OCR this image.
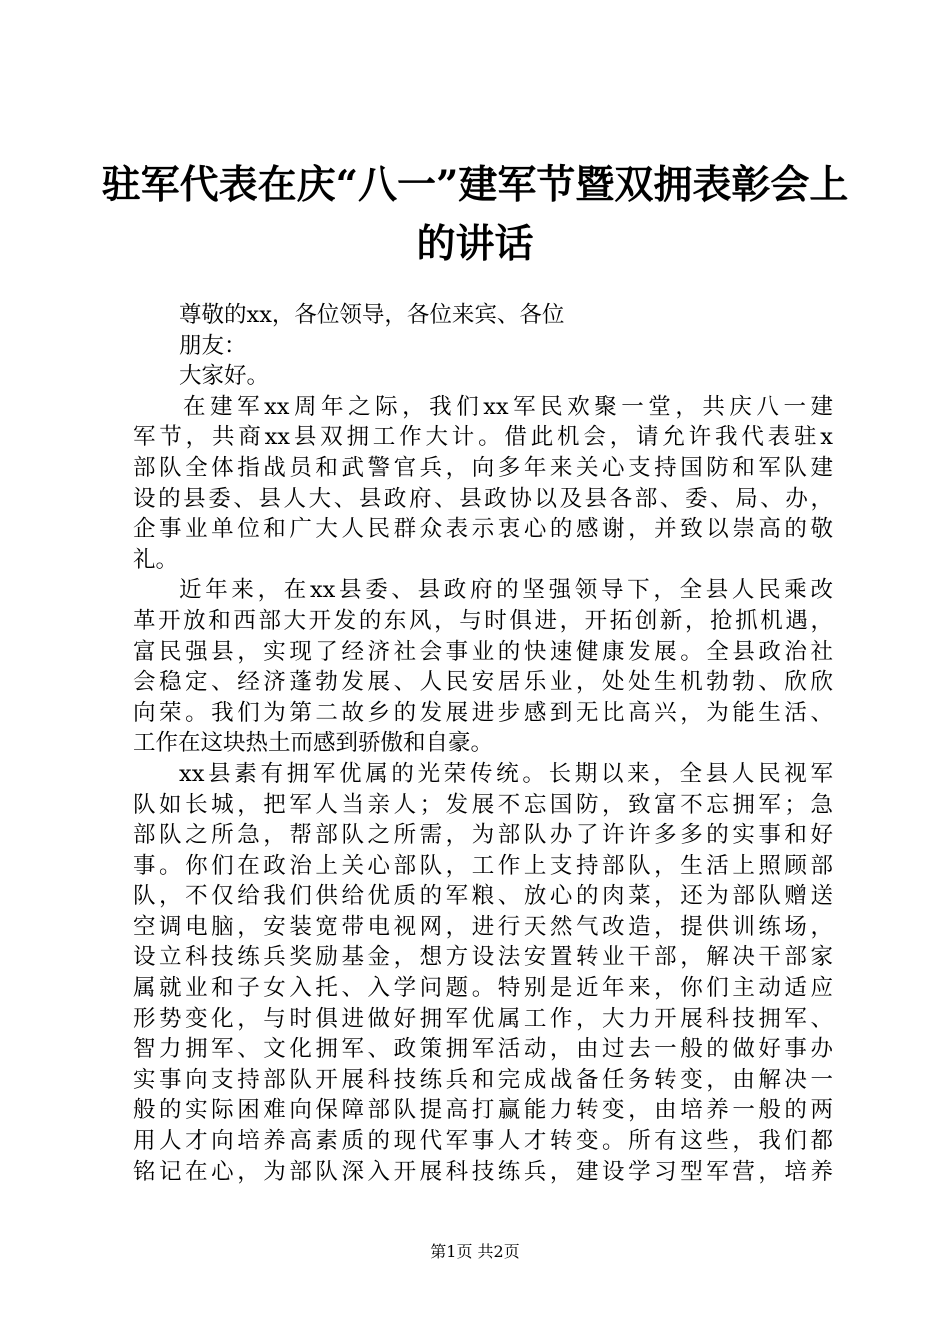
驻军代表在庆“八一”建军节暨双拥表彰会上
的讲话
尊敬的xx，各位领导，各位来宾、各位
朋友：
大家好。
在建军xx周年之际，我们xx军民欢聚一堂，共庆八一建
军节，共商xx县双拥工作大计。借此机会，请允许我代表驻x
部队全体指战员和武警官兵，向多年来关心支持国防和军队建
设的县委、县人大、县政府、县政协以及县各部、委、局、办，
企事业单位和广大人民群众表示衷心的感谢，并致以崇高的敬
礼。
近年来，在xx县委、县政府的坚强领导下，全县人民乘改
革开放和西部大开发的东风，与时俱进，开拓创新，抢抓机遇，
富民强县，实现了经济社会事业的快速健康发展。全县政治社
会稳定、经济蓬勃发展、人民安居乐业，处处生机勃勃、欣欣
向荣。我们为第二故乡的发展进步感到无比高兴，为能生活、
工作在这块热土而感到骄傲和自豪。
xx县素有拥军优属的光荣传统。长期以来，全县人民视军
队如长城，把军人当亲人；发展不忘国防，致富不忘拥军；急
部队之所急，帮部队之所需，为部队办了许许多多的实事和好
事。你们在政治上关心部队，工作上支持部队，生活上照顾部
队，不仅给我们供给优质的军粮、放心的肉菜，还为部队赠送
空调电脑，安装宽带电视网，进行天然气改造，提供训练场，
设立科技练兵奖励基金，想方设法安置转业干部，解决干部家
属就业和子女入托、入学问题。特别是近年来，你们主动适应
形势变化，与时俱进做好拥军优属工作，大力开展科技拥军、
智力拥军、文化拥军、政策拥军活动，由过去一般的做好事办
实事向支持部队开展科技练兵和完成战备任务转变，由解决一
般的实际困难向保障部队提高打赢能力转变，由培养一般的两
用人才向培养高素质的现代军事人才转变。所有这些，我们都
铭记在心，为部队深入开展科技练兵，建设学习型军营，培养
第1页 共2页
